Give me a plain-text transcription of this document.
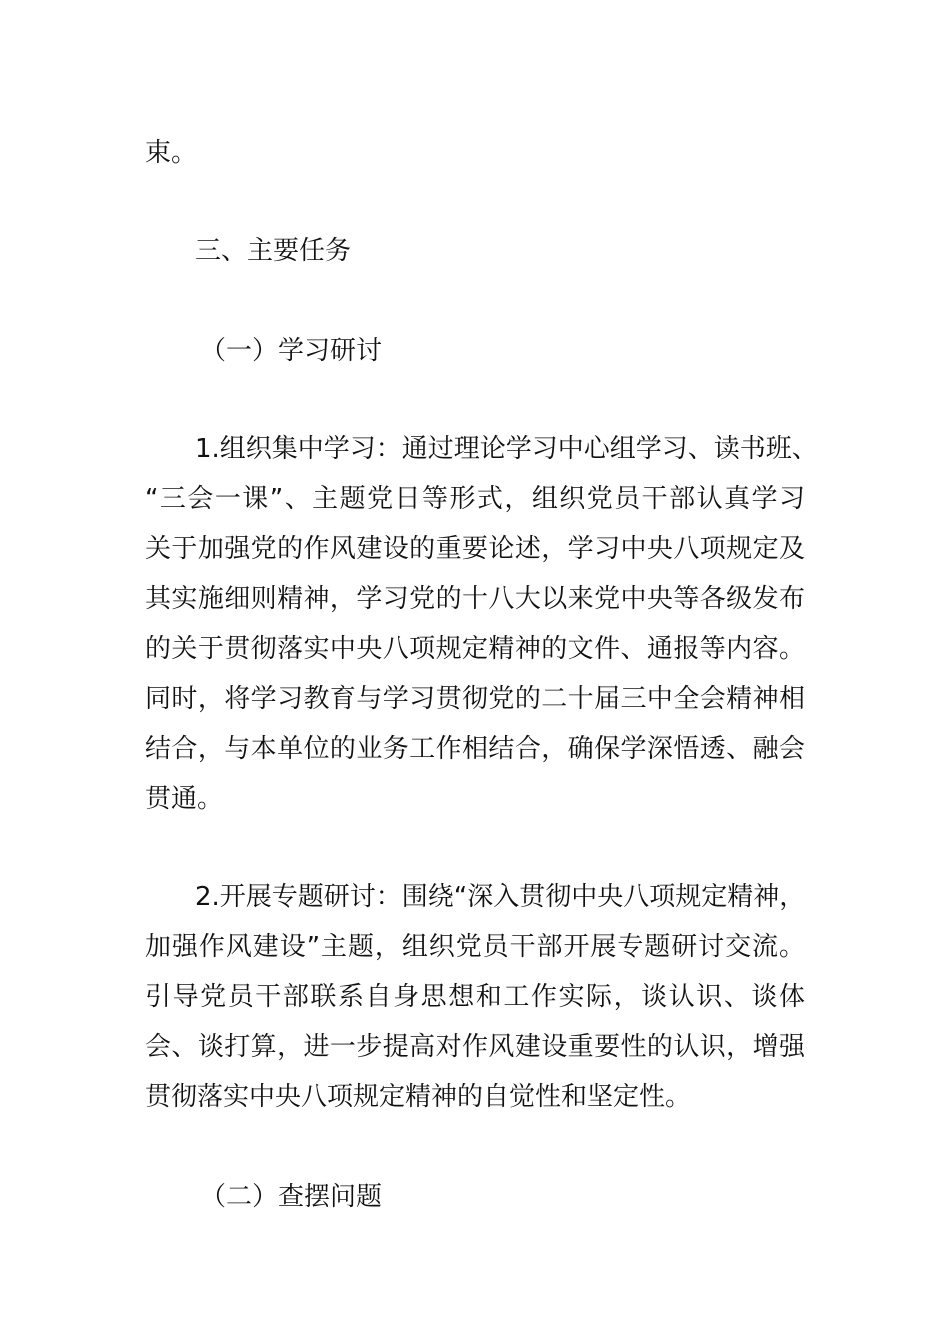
束。
三、主要任务
（一）学习研讨
1.组织集中学习：通过理论学习中心组学习、读书班、
“三会一课”、主题党日等形式，组织党员干部认真学习
关于加强党的作风建设的重要论述，学习中央八项规定及
其实施细则精神，学习党的十八大以来党中央等各级发布
的关于贯彻落实中央八项规定精神的文件、通报等内容。
同时，将学习教育与学习贯彻党的二十届三中全会精神相
结合，与本单位的业务工作相结合，确保学深悟透、融会
贯通。
2.开展专题研讨：围绕“深入贯彻中央八项规定精神，
加强作风建设”主题，组织党员干部开展专题研讨交流。
引导党员干部联系自身思想和工作实际，谈认识、谈体
会、谈打算，进一步提高对作风建设重要性的认识，增强
贯彻落实中央八项规定精神的自觉性和坚定性。
（二）查摆问题
